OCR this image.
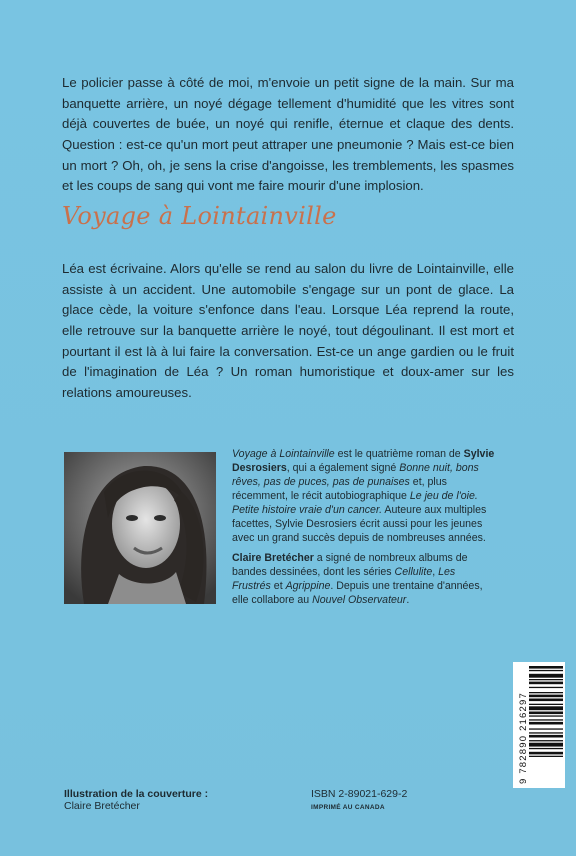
Le policier passe à côté de moi, m'envoie un petit signe de la main. Sur ma banquette arrière, un noyé dégage tellement d'humidité que les vitres sont déjà couvertes de buée, un noyé qui renifle, éternue et claque des dents. Question : est-ce qu'un mort peut attraper une pneumonie ? Mais est-ce bien un mort ? Oh, oh, je sens la crise d'angoisse, les tremblements, les spasmes et les coups de sang qui vont me faire mourir d'une implosion.

Voyage à Lointainville

Léa est écrivaine. Alors qu'elle se rend au salon du livre de Lointainville, elle assiste à un accident. Une automobile s'engage sur un pont de glace. La glace cède, la voiture s'enfonce dans l'eau. Lorsque Léa reprend la route, elle retrouve sur la banquette arrière le noyé, tout dégoulinant. Il est mort et pourtant il est là à lui faire la conversation. Est-ce un ange gardien ou le fruit de l'imagination de Léa ? Un roman humoristique et doux-amer sur les relations amoureuses.

Voyage à Lointainville est le quatrième roman de Sylvie Desrosiers, qui a également signé Bonne nuit, bons rêves, pas de puces, pas de punaises et, plus récemment, le récit autobiographique Le jeu de l'oie. Petite histoire vraie d'un cancer. Auteure aux multiples facettes, Sylvie Desrosiers écrit aussi pour les jeunes avec un grand succès depuis de nombreuses années.

Claire Bretécher a signé de nombreux albums de bandes dessinées, dont les séries Cellulite, Les Frustrés et Agrippine. Depuis une trentaine d'années, elle collabore au Nouvel Observateur.

9 782890 216297
Illustration de la couverture :
Claire Bretécher
ISBN 2-89021-629-2
IMPRIMÉ AU CANADA
